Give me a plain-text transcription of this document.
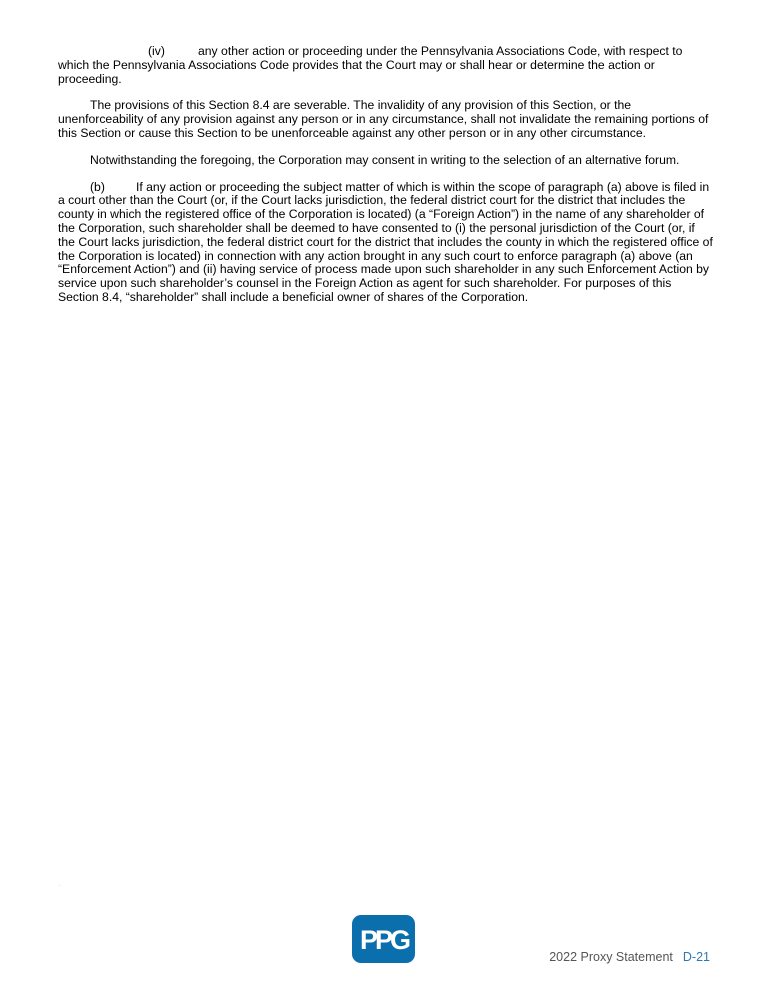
(iv)	any other action or proceeding under the Pennsylvania Associations Code, with respect to which the Pennsylvania Associations Code provides that the Court may or shall hear or determine the action or proceeding.

The provisions of this Section 8.4 are severable. The invalidity of any provision of this Section, or the unenforceability of any provision against any person or in any circumstance, shall not invalidate the remaining portions of this Section or cause this Section to be unenforceable against any other person or in any other circumstance.

Notwithstanding the foregoing, the Corporation may consent in writing to the selection of an alternative forum.

(b)	If any action or proceeding the subject matter of which is within the scope of paragraph (a) above is filed in a court other than the Court (or, if the Court lacks jurisdiction, the federal district court for the district that includes the county in which the registered office of the Corporation is located) (a “Foreign Action”) in the name of any shareholder of the Corporation, such shareholder shall be deemed to have consented to (i) the personal jurisdiction of the Court (or, if the Court lacks jurisdiction, the federal district court for the district that includes the county in which the registered office of the Corporation is located) in connection with any action brought in any such court to enforce paragraph (a) above (an “Enforcement Action”) and (ii) having service of process made upon such shareholder in any such Enforcement Action by service upon such shareholder’s counsel in the Foreign Action as agent for such shareholder. For purposes of this Section 8.4, “shareholder” shall include a beneficial owner of shares of the Corporation.

.
PPG
2022 Proxy Statement D-21
